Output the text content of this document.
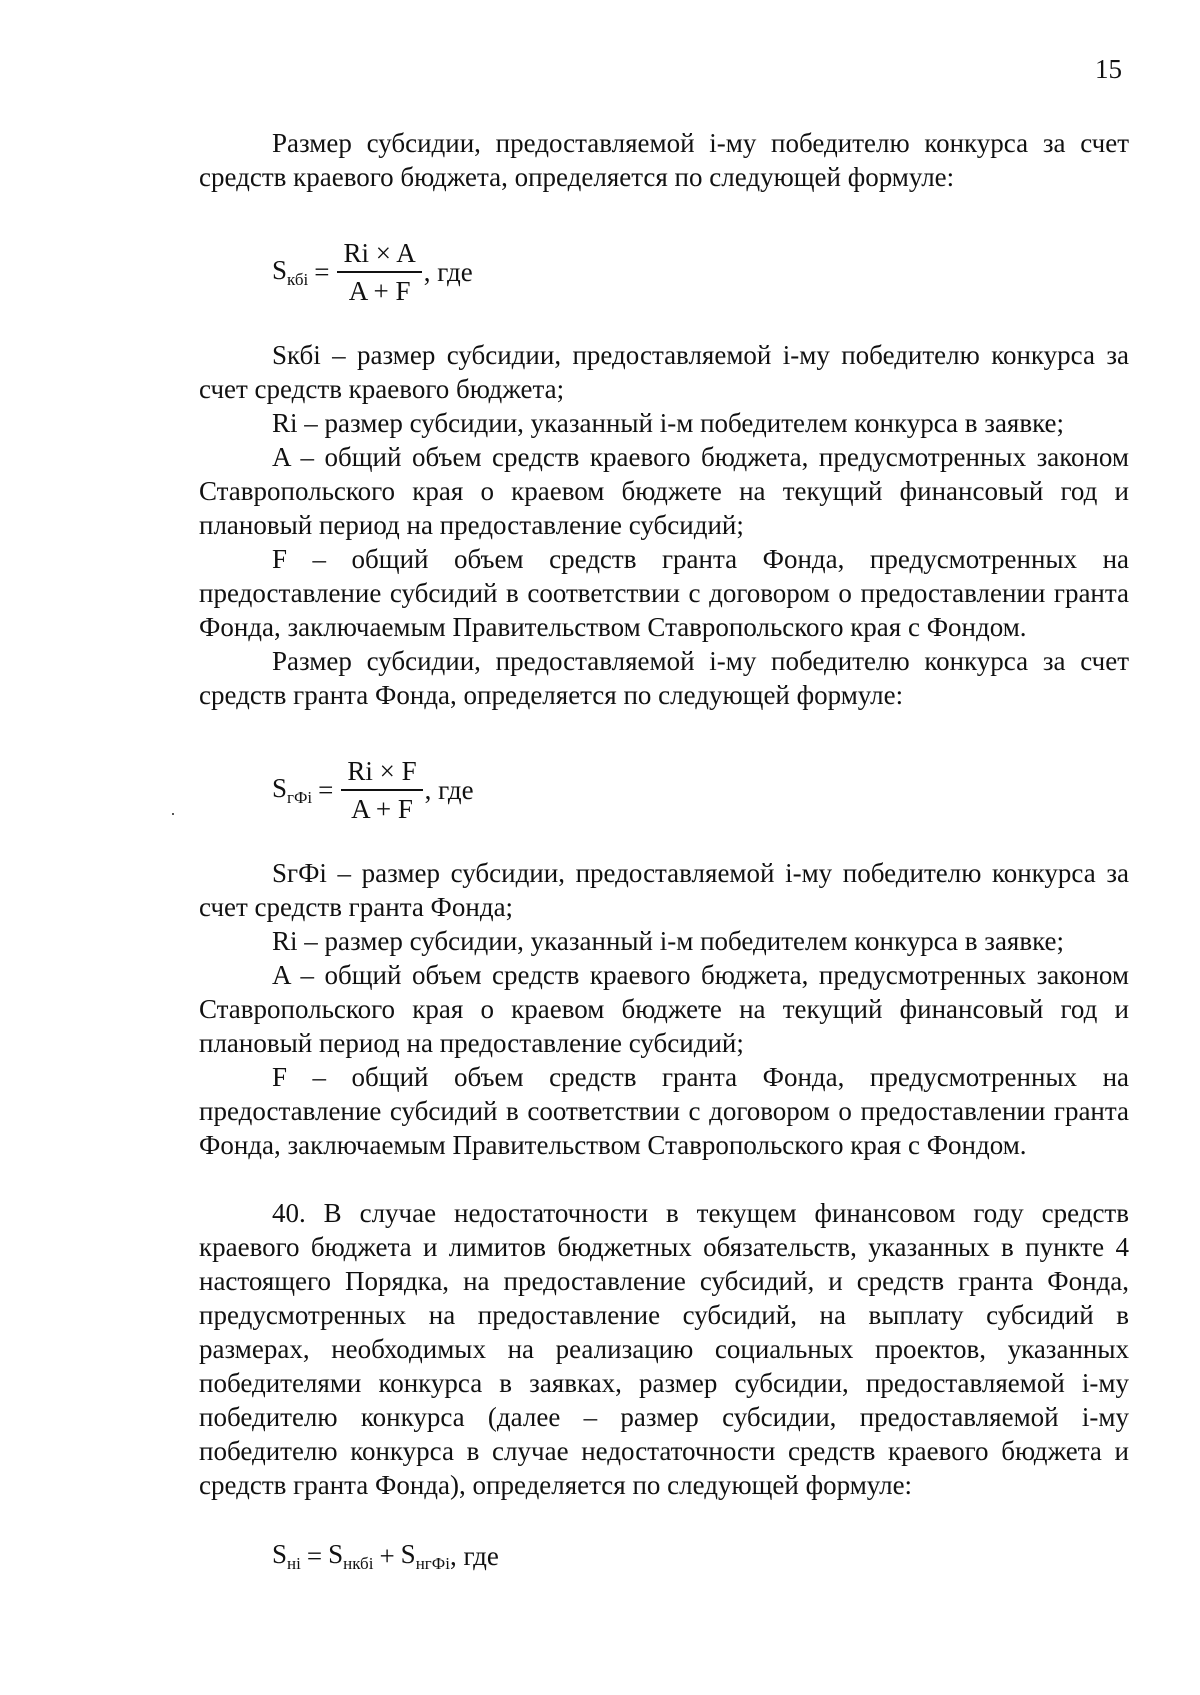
15

Размер субсидии, предоставляемой i-му победителю конкурса за счет средств краевого бюджета, определяется по следующей формуле:

S кбi = $\frac{Ri \times A}{A + F}$ , где

Sкбi – размер субсидии, предоставляемой i-му победителю конкурса за счет средств краевого бюджета;

Ri – размер субсидии, указанный i-м победителем конкурса в заявке;

A – общий объем средств краевого бюджета, предусмотренных законом Ставропольского края о краевом бюджете на текущий финансовый год и плановый период на предоставление субсидий;

F – общий объем средств гранта Фонда, предусмотренных на предоставление субсидий в соответствии с договором о предоставлении гранта Фонда, заключаемым Правительством Ставропольского края с Фондом.

Размер субсидии, предоставляемой i-му победителю конкурса за счет средств гранта Фонда, определяется по следующей формуле:

S гФi = $\frac{Ri \times F}{A + F}$ , где

SгФi – размер субсидии, предоставляемой i-му победителю конкурса за счет средств гранта Фонда;

Ri – размер субсидии, указанный i-м победителем конкурса в заявке;

A – общий объем средств краевого бюджета, предусмотренных законом Ставропольского края о краевом бюджете на текущий финансовый год и плановый период на предоставление субсидий;

F – общий объем средств гранта Фонда, предусмотренных на предоставление субсидий в соответствии с договором о предоставлении гранта Фонда, заключаемым Правительством Ставропольского края с Фондом.

40. В случае недостаточности в текущем финансовом году средств краевого бюджета и лимитов бюджетных обязательств, указанных в пункте 4 настоящего Порядка, на предоставление субсидий, и средств гранта Фонда, предусмотренных на предоставление субсидий, на выплату субсидий в размерах, необходимых на реализацию социальных проектов, указанных победителями конкурса в заявках, размер субсидии, предоставляемой i-му победителю конкурса (далее – размер субсидии, предоставляемой i-му победителю конкурса в случае недостаточности средств краевого бюджета и средств гранта Фонда), определяется по следующей формуле:

S нi = S нкбi + S нгФi , где
